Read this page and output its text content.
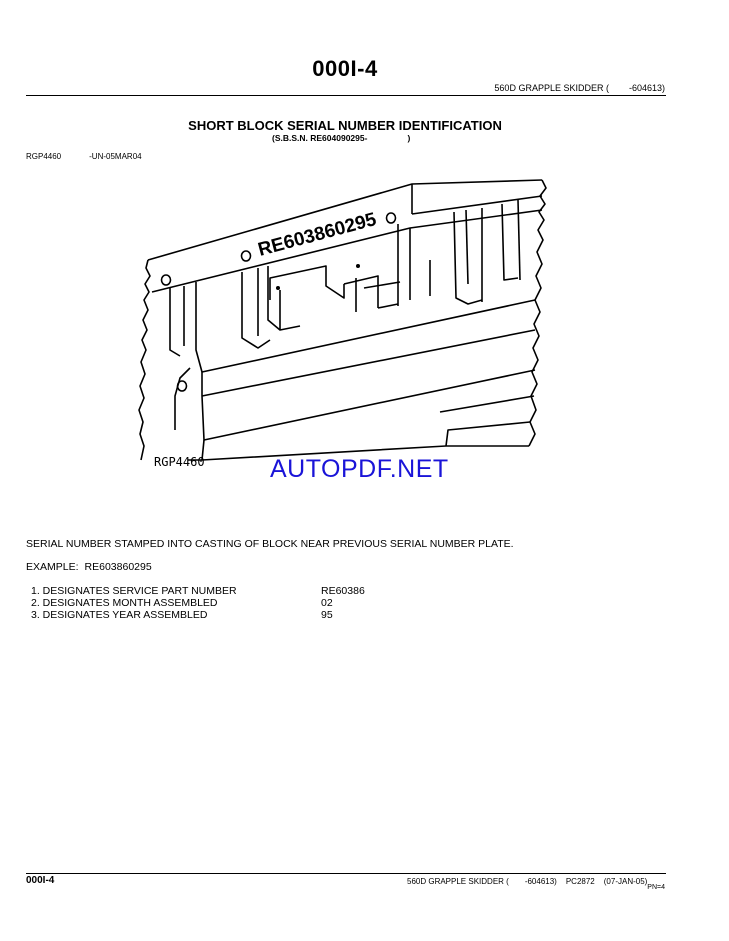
000I-4
560D GRAPPLE SKIDDER ( -604613)
SHORT BLOCK SERIAL NUMBER IDENTIFICATION
(S.B.S.N. RE604090295-	)
RGP4460	-UN-05MAR04
RE603860295
RGP4460	AUTOPDF.NET
SERIAL NUMBER STAMPED INTO CASTING OF BLOCK NEAR PREVIOUS SERIAL NUMBER PLATE.
EXAMPLE: RE603860295
1. DESIGNATES SERVICE PART NUMBER	RE60386
2. DESIGNATES MONTH ASSEMBLED	02
3. DESIGNATES YEAR ASSEMBLED	95
000I-4	560D GRAPPLE SKIDDER ( -604613) PC2872 (07-JAN-05)
PN=4
